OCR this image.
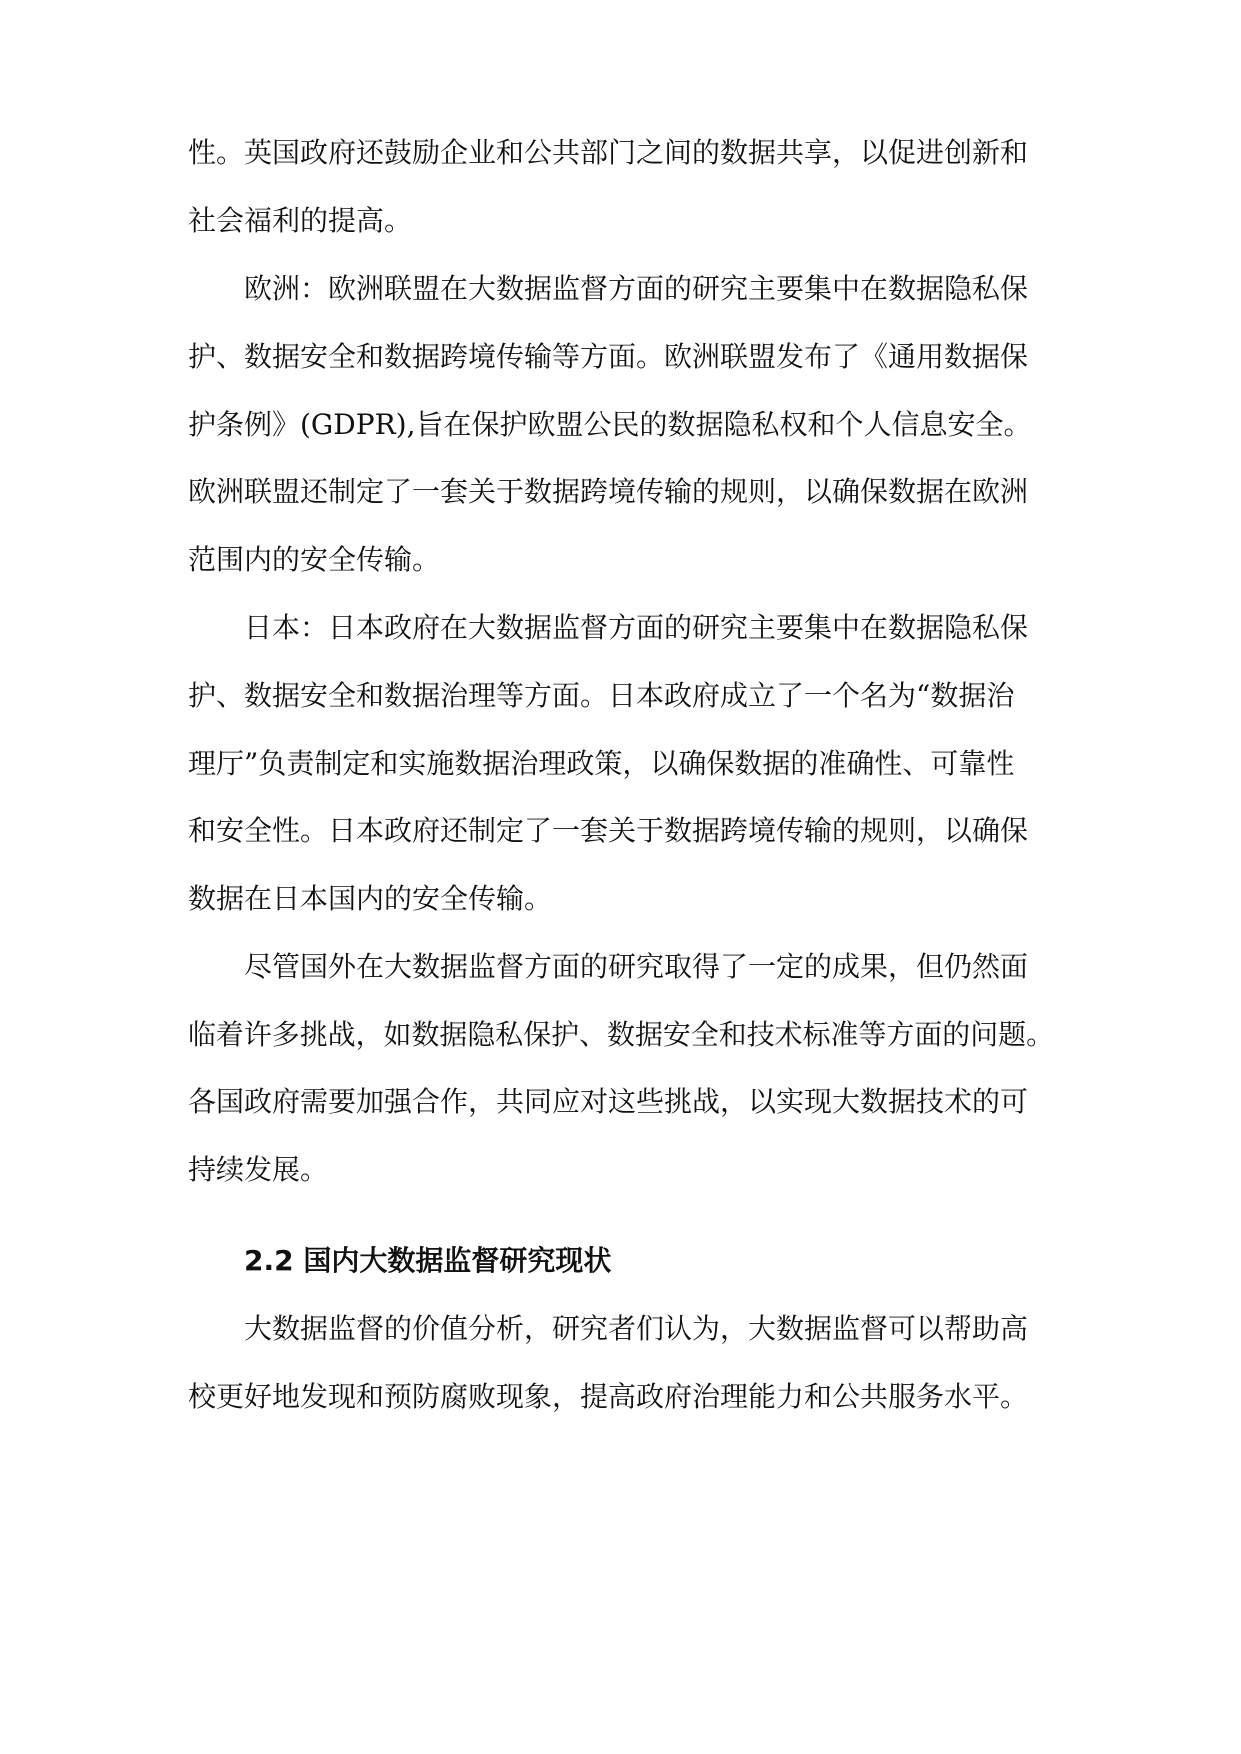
性。英国政府还鼓励企业和公共部门之间的数据共享，以促进创新和
社会福利的提高。
欧洲：欧洲联盟在大数据监督方面的研究主要集中在数据隐私保
护、数据安全和数据跨境传输等方面。欧洲联盟发布了《通用数据保
护条例》(GDPR),旨在保护欧盟公民的数据隐私权和个人信息安全。
欧洲联盟还制定了一套关于数据跨境传输的规则，以确保数据在欧洲
范围内的安全传输。
日本：日本政府在大数据监督方面的研究主要集中在数据隐私保
护、数据安全和数据治理等方面。日本政府成立了一个名为“数据治
理厅”负责制定和实施数据治理政策，以确保数据的准确性、可靠性
和安全性。日本政府还制定了一套关于数据跨境传输的规则，以确保
数据在日本国内的安全传输。
尽管国外在大数据监督方面的研究取得了一定的成果，但仍然面
临着许多挑战，如数据隐私保护、数据安全和技术标准等方面的问题。
各国政府需要加强合作，共同应对这些挑战，以实现大数据技术的可
持续发展。
2.2 国内大数据监督研究现状
大数据监督的价值分析，研究者们认为，大数据监督可以帮助高
校更好地发现和预防腐败现象，提高政府治理能力和公共服务水平。
